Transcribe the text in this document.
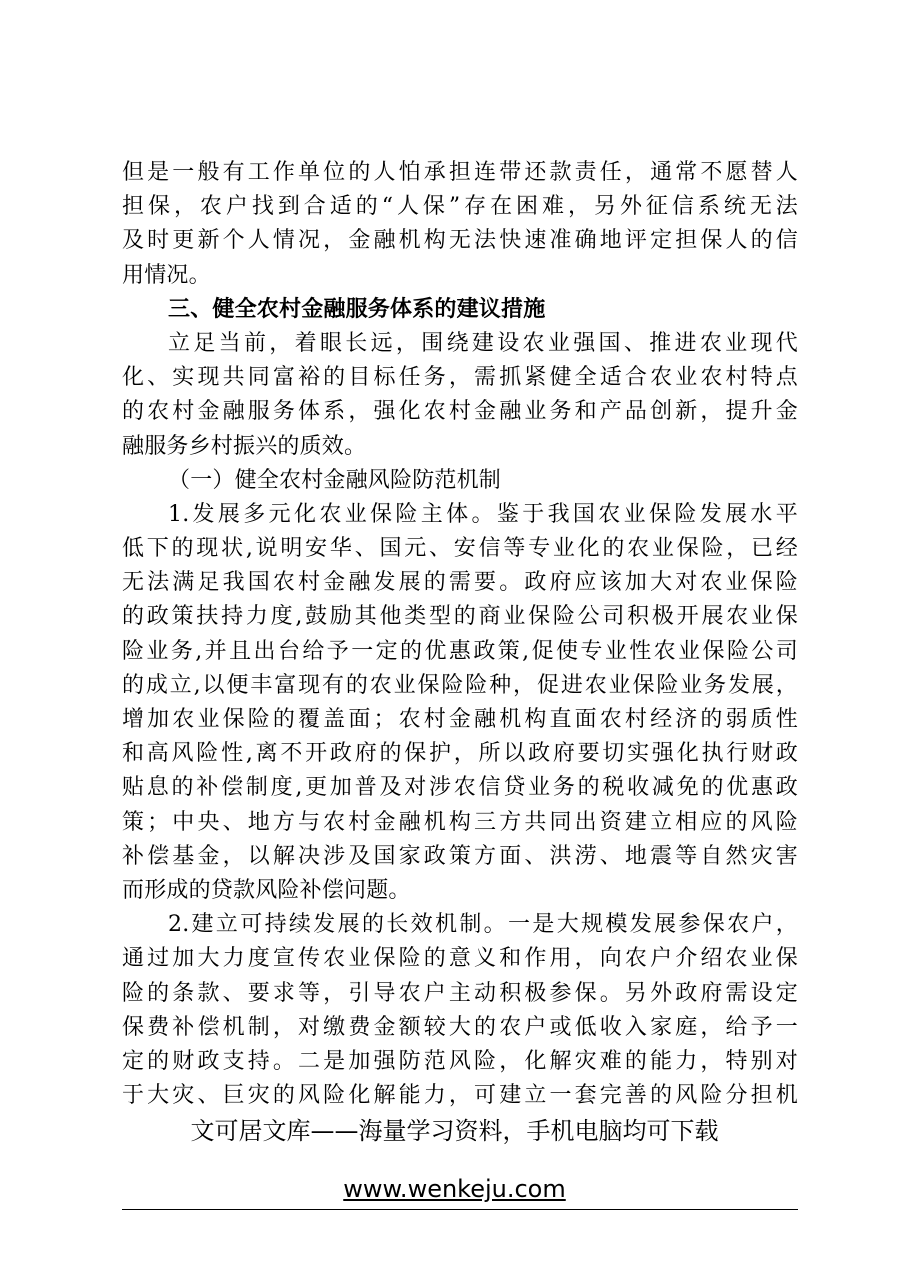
但是一般有工作单位的人怕承担连带还款责任，通常不愿替人
担保，农户找到合适的“人保”存在困难，另外征信系统无法
及时更新个人情况，金融机构无法快速准确地评定担保人的信
用情况。
三、健全农村金融服务体系的建议措施
立足当前，着眼长远，围绕建设农业强国、推进农业现代
化、实现共同富裕的目标任务，需抓紧健全适合农业农村特点
的农村金融服务体系，强化农村金融业务和产品创新，提升金
融服务乡村振兴的质效。
（一）健全农村金融风险防范机制
1.发展多元化农业保险主体。鉴于我国农业保险发展水平
低下的现状,说明安华、国元、安信等专业化的农业保险，已经
无法满足我国农村金融发展的需要。政府应该加大对农业保险
的政策扶持力度,鼓励其他类型的商业保险公司积极开展农业保
险业务,并且出台给予一定的优惠政策,促使专业性农业保险公司
的成立,以便丰富现有的农业保险险种，促进农业保险业务发展，
增加农业保险的覆盖面；农村金融机构直面农村经济的弱质性
和高风险性,离不开政府的保护，所以政府要切实强化执行财政
贴息的补偿制度,更加普及对涉农信贷业务的税收减免的优惠政
策；中央、地方与农村金融机构三方共同出资建立相应的风险
补偿基金，以解决涉及国家政策方面、洪涝、地震等自然灾害
而形成的贷款风险补偿问题。
2.建立可持续发展的长效机制。一是大规模发展参保农户，
通过加大力度宣传农业保险的意义和作用，向农户介绍农业保
险的条款、要求等，引导农户主动积极参保。另外政府需设定
保费补偿机制，对缴费金额较大的农户或低收入家庭，给予一
定的财政支持。二是加强防范风险，化解灾难的能力，特别对
于大灾、巨灾的风险化解能力，可建立一套完善的风险分担机
文可居文库——海量学习资料，手机电脑均可下载
www.wenkeju.com
